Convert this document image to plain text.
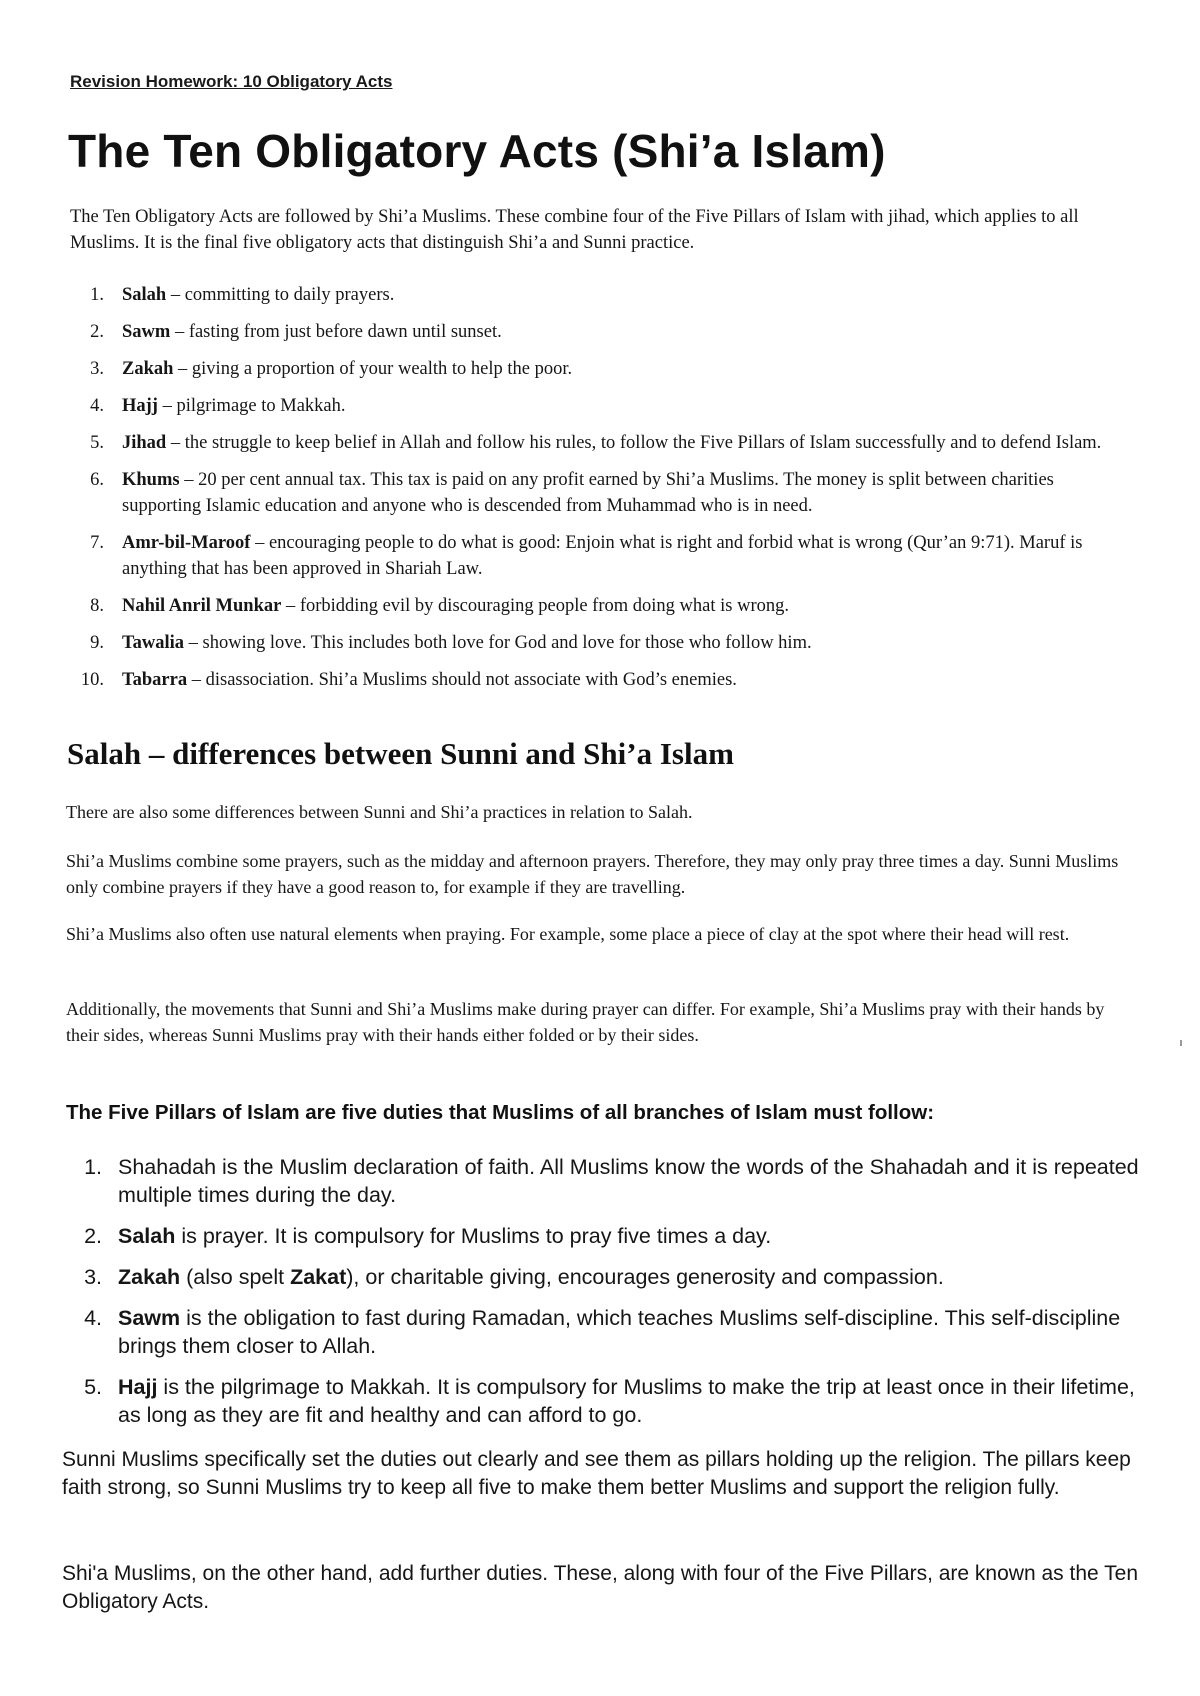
Revision Homework: 10 Obligatory Acts
The Ten Obligatory Acts (Shi’a Islam)

The Ten Obligatory Acts are followed by Shi’a Muslims. These combine four of the Five Pillars of Islam with jihad, which applies to all Muslims. It is the final five obligatory acts that distinguish Shi’a and Sunni practice.

1. Salah – committing to daily prayers.
2. Sawm – fasting from just before dawn until sunset.
3. Zakah – giving a proportion of your wealth to help the poor.
4. Hajj – pilgrimage to Makkah.
5. Jihad – the struggle to keep belief in Allah and follow his rules, to follow the Five Pillars of Islam successfully and to defend Islam.
6. Khums – 20 per cent annual tax. This tax is paid on any profit earned by Shi’a Muslims. The money is split between charities supporting Islamic education and anyone who is descended from Muhammad who is in need.
7. Amr-bil-Maroof – encouraging people to do what is good: Enjoin what is right and forbid what is wrong (Qur’an 9:71). Maruf is anything that has been approved in Shariah Law.
8. Nahil Anril Munkar – forbidding evil by discouraging people from doing what is wrong.
9. Tawalia – showing love. This includes both love for God and love for those who follow him.
10. Tabarra – disassociation. Shi’a Muslims should not associate with God’s enemies.
Salah – differences between Sunni and Shi’a Islam

There are also some differences between Sunni and Shi’a practices in relation to Salah.

Shi’a Muslims combine some prayers, such as the midday and afternoon prayers. Therefore, they may only pray three times a day. Sunni Muslims only combine prayers if they have a good reason to, for example if they are travelling.

Shi’a Muslims also often use natural elements when praying. For example, some place a piece of clay at the spot where their head will rest.

Additionally, the movements that Sunni and Shi’a Muslims make during prayer can differ. For example, Shi’a Muslims pray with their hands by their sides, whereas Sunni Muslims pray with their hands either folded or by their sides.

The Five Pillars of Islam are five duties that Muslims of all branches of Islam must follow:
1. Shahadah is the Muslim declaration of faith. All Muslims know the words of the Shahadah and it is repeated multiple times during the day.
2. Salah is prayer. It is compulsory for Muslims to pray five times a day.
3. Zakah (also spelt Zakat), or charitable giving, encourages generosity and compassion.
4. Sawm is the obligation to fast during Ramadan, which teaches Muslims self-discipline. This self-discipline brings them closer to Allah.
5. Hajj is the pilgrimage to Makkah. It is compulsory for Muslims to make the trip at least once in their lifetime, as long as they are fit and healthy and can afford to go.

Sunni Muslims specifically set the duties out clearly and see them as pillars holding up the religion. The pillars keep faith strong, so Sunni Muslims try to keep all five to make them better Muslims and support the religion fully.

Shi'a Muslims, on the other hand, add further duties. These, along with four of the Five Pillars, are known as the Ten Obligatory Acts.
